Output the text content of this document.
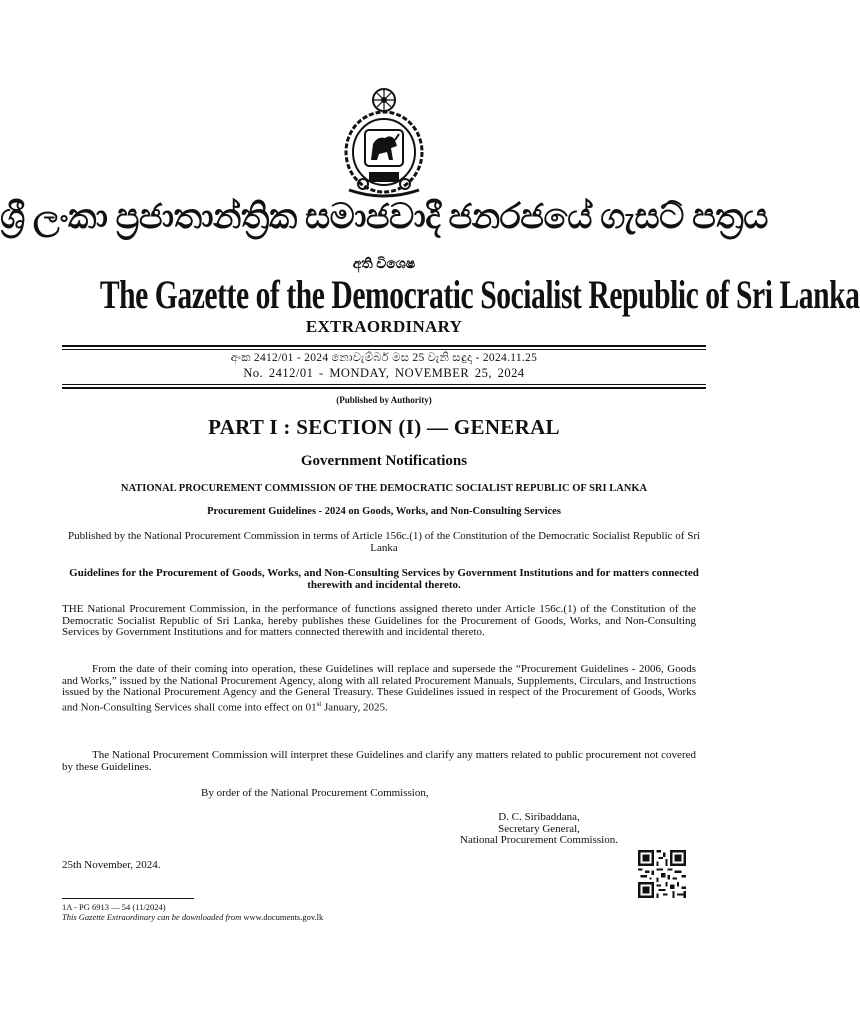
ශ්‍රී ලංකා ප්‍රජාතාන්ත්‍රික සමාජවාදී ජනරජයේ ගැසට් පත්‍රය
අති විශෙෂ
The Gazette of the Democratic Socialist Republic of Sri Lanka
EXTRAORDINARY
අංක 2412/01 - 2024 නොවැම්බර් මස 25 වැනි සඳුදා - 2024.11.25
No. 2412/01 - MONDAY, NOVEMBER 25, 2024
(Published by Authority)
PART I : SECTION (I) — GENERAL
Government Notifications
NATIONAL PROCUREMENT COMMISSION OF THE DEMOCRATIC SOCIALIST REPUBLIC OF SRI LANKA
Procurement Guidelines - 2024 on Goods, Works, and Non-Consulting Services
Published by the National Procurement Commission in terms of Article 156c.(1) of the Constitution of the Democratic Socialist Republic of Sri Lanka
Guidelines for the Procurement of Goods, Works, and Non-Consulting Services by Government Institutions and for matters connected therewith and incidental thereto.

THE National Procurement Commission, in the performance of functions assigned thereto under Article 156c.(1) of the Constitution of the Democratic Socialist Republic of Sri Lanka, hereby publishes these Guidelines for the Procurement of Goods, Works, and Non-Consulting Services by Government Institutions and for matters connected therewith and incidental thereto.

From the date of their coming into operation, these Guidelines will replace and supersede the “Procurement Guidelines - 2006, Goods and Works,” issued by the National Procurement Agency, along with all related Procurement Manuals, Supplements, Circulars, and Instructions issued by the National Procurement Agency and the General Treasury. These Guidelines issued in respect of the Procurement of Goods, Works and Non-Consulting Services shall come into effect on 01st January, 2025.

The National Procurement Commission will interpret these Guidelines and clarify any matters related to public procurement not covered by these Guidelines.

By order of the National Procurement Commission,
D. C. Siribaddana,
Secretary General,
National Procurement Commission.
25th November, 2024.
1A - PG 6913 — 54 (11/2024)
This Gazette Extraordinary can be downloaded from www.documents.gov.lk
